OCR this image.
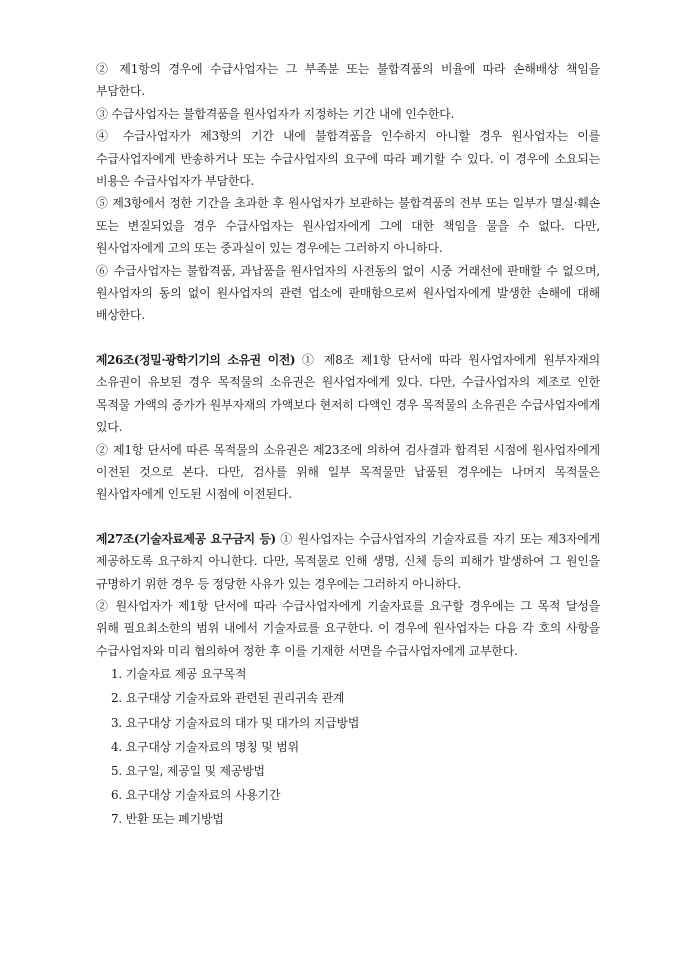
② 제1항의 경우에 수급사업자는 그 부족분 또는 불합격품의 비율에 따라 손해배상 책임을 부담한다.

③ 수급사업자는 불합격품을 원사업자가 지정하는 기간 내에 인수한다.

④ 수급사업자가 제3항의 기간 내에 불합격품을 인수하지 아니할 경우 원사업자는 이를 수급사업자에게 반송하거나 또는 수급사업자의 요구에 따라 폐기할 수 있다. 이 경우에 소요되는 비용은 수급사업자가 부담한다.

⑤ 제3항에서 정한 기간을 초과한 후 원사업자가 보관하는 불합격품의 전부 또는 일부가 멸실·훼손 또는 변질되었을 경우 수급사업자는 원사업자에게 그에 대한 책임을 물을 수 없다. 다만, 원사업자에게 고의 또는 중과실이 있는 경우에는 그러하지 아니하다.

⑥ 수급사업자는 불합격품, 과납품을 원사업자의 사전동의 없이 시중 거래선에 판매할 수 없으며, 원사업자의 동의 없이 원사업자의 관련 업소에 판매함으로써 원사업자에게 발생한 손해에 대해 배상한다.

제26조(정밀·광학기기의 소유권 이전) ① 제8조 제1항 단서에 따라 원사업자에게 원부자재의 소유권이 유보된 경우 목적물의 소유권은 원사업자에게 있다. 다만, 수급사업자의 제조로 인한 목적물 가액의 증가가 원부자재의 가액보다 현저히 다액인 경우 목적물의 소유권은 수급사업자에게 있다.

② 제1항 단서에 따른 목적물의 소유권은 제23조에 의하여 검사결과 합격된 시점에 원사업자에게 이전된 것으로 본다. 다만, 검사를 위해 일부 목적물만 납품된 경우에는 나머지 목적물은 원사업자에게 인도된 시점에 이전된다.

제27조(기술자료제공 요구금지 등) ① 원사업자는 수급사업자의 기술자료를 자기 또는 제3자에게 제공하도록 요구하지 아니한다. 다만, 목적물로 인해 생명, 신체 등의 피해가 발생하여 그 원인을 규명하기 위한 경우 등 정당한 사유가 있는 경우에는 그러하지 아니하다.

② 원사업자가 제1항 단서에 따라 수급사업자에게 기술자료를 요구할 경우에는 그 목적 달성을 위해 필요최소한의 범위 내에서 기술자료를 요구한다. 이 경우에 원사업자는 다음 각 호의 사항을 수급사업자와 미리 협의하여 정한 후 이를 기재한 서면을 수급사업자에게 교부한다.

1. 기술자료 제공 요구목적
2. 요구대상 기술자료와 관련된 권리귀속 관계
3. 요구대상 기술자료의 대가 및 대가의 지급방법
4. 요구대상 기술자료의 명칭 및 범위
5. 요구일, 제공일 및 제공방법
6. 요구대상 기술자료의 사용기간
7. 반환 또는 폐기방법
